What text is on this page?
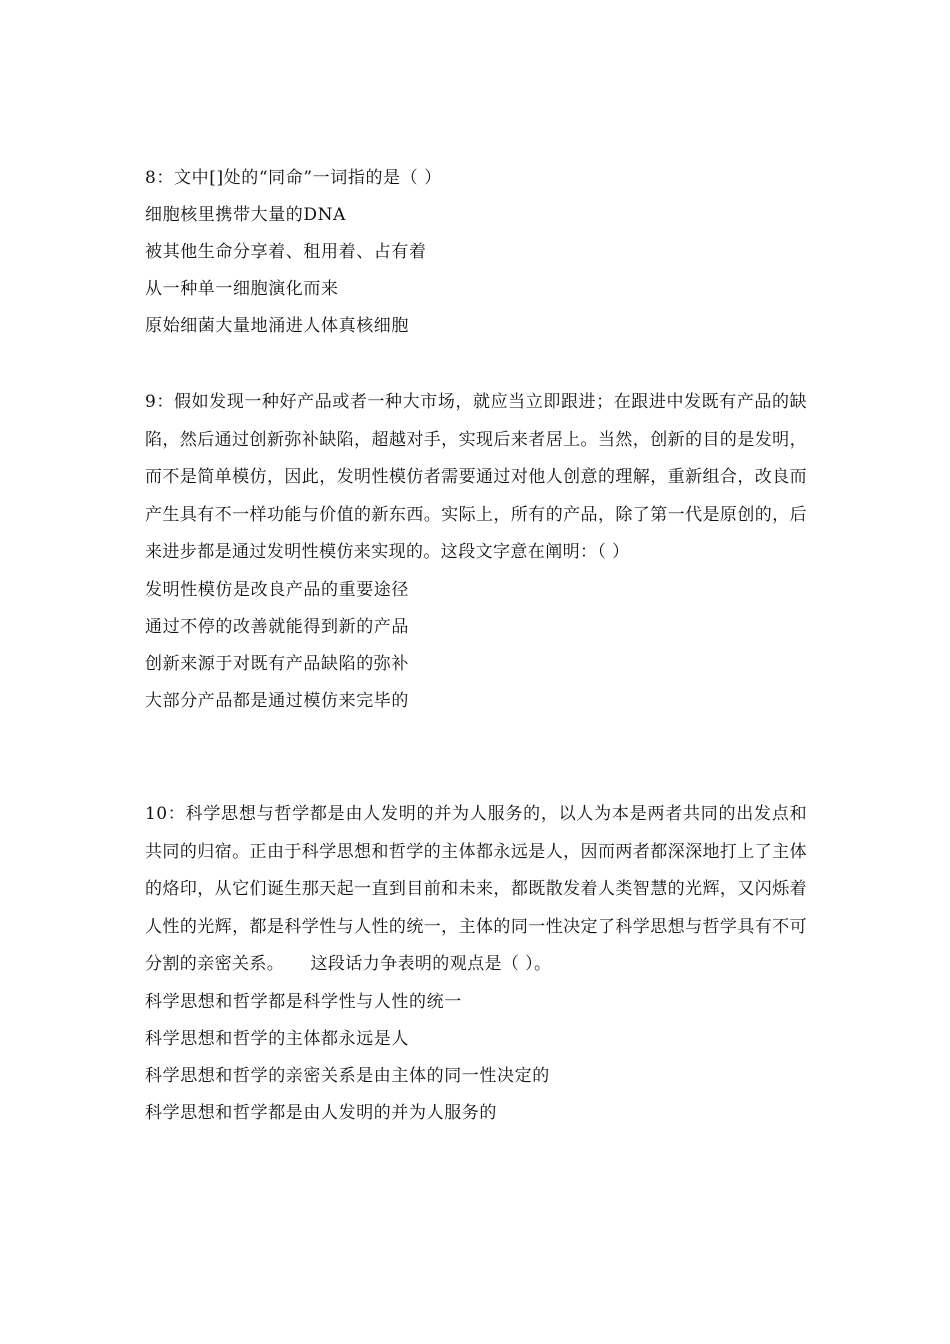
8：文中[]处的“同命”一词指的是（ ）
细胞核里携带大量的DNA
被其他生命分享着、租用着、占有着
从一种单一细胞演化而来
原始细菌大量地涌进人体真核细胞
9：假如发现一种好产品或者一种大市场，就应当立即跟进；在跟进中发既有产品的缺陷，然后通过创新弥补缺陷，超越对手，实现后来者居上。当然，创新的目的是发明，而不是简单模仿，因此，发明性模仿者需要通过对他人创意的理解，重新组合，改良而产生具有不一样功能与价值的新东西。实际上，所有的产品，除了第一代是原创的，后来进步都是通过发明性模仿来实现的。这段文字意在阐明：（ ）
发明性模仿是改良产品的重要途径
通过不停的改善就能得到新的产品
创新来源于对既有产品缺陷的弥补
大部分产品都是通过模仿来完毕的
10：科学思想与哲学都是由人发明的并为人服务的，以人为本是两者共同的出发点和共同的归宿。正由于科学思想和哲学的主体都永远是人，因而两者都深深地打上了主体的烙印，从它们诞生那天起一直到目前和未来，都既散发着人类智慧的光辉，又闪烁着人性的光辉，都是科学性与人性的统一，主体的同一性决定了科学思想与哲学具有不可分割的亲密关系。　　这段话力争表明的观点是（ ）。
科学思想和哲学都是科学性与人性的统一
科学思想和哲学的主体都永远是人
科学思想和哲学的亲密关系是由主体的同一性决定的
科学思想和哲学都是由人发明的并为人服务的
